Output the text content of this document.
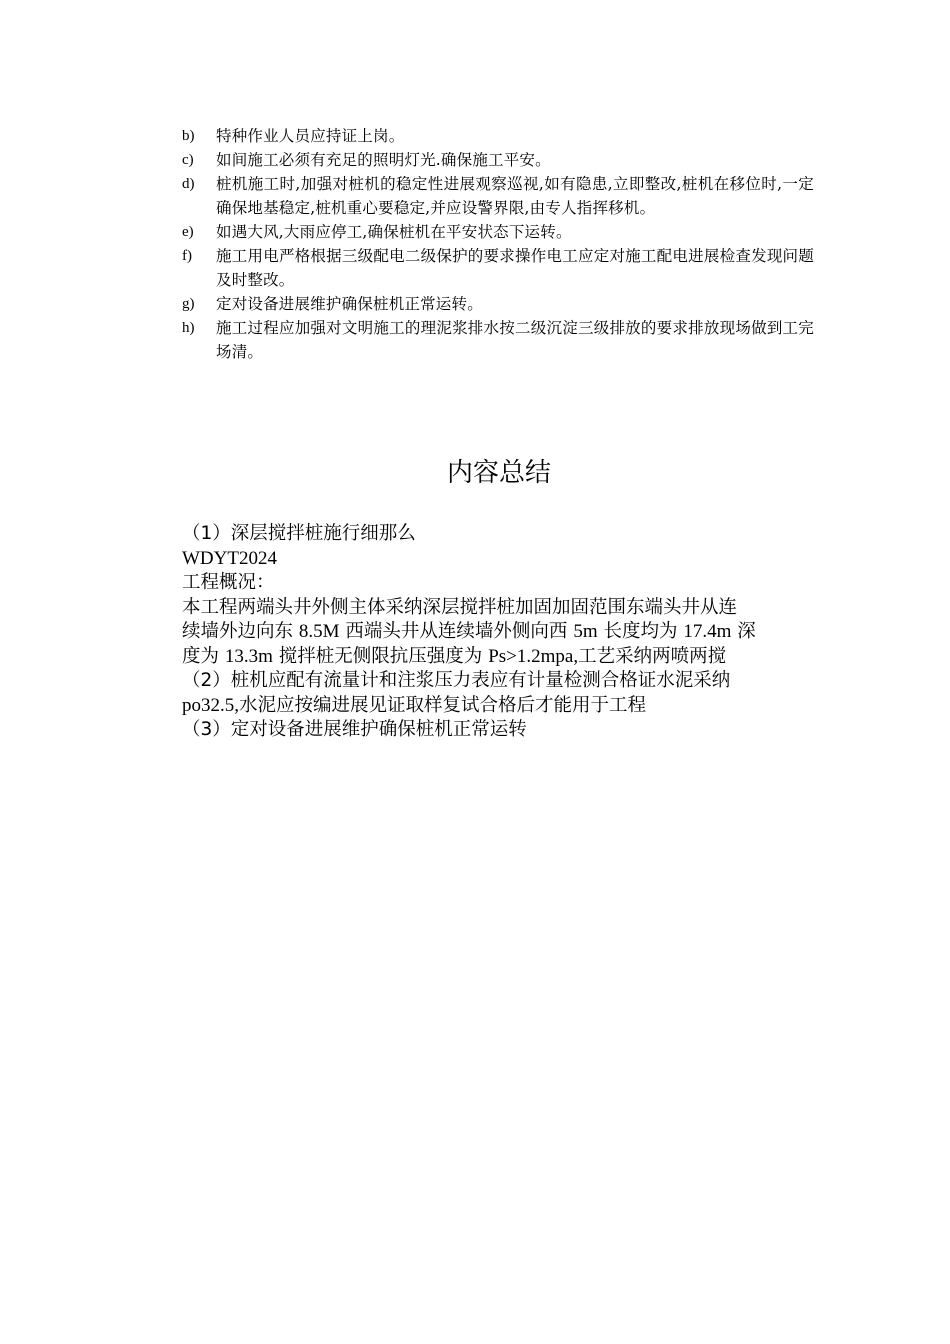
b)	特种作业人员应持证上岗。
c)	如间施工必须有充足的照明灯光.确保施工平安。
d)	桩机施工时,加强对桩机的稳定性进展观察巡视,如有隐患,立即整改,桩机在移位时,一定确保地基稳定,桩机重心要稳定,并应设警界限,由专人指挥移机。
e)	如遇大风,大雨应停工,确保桩机在平安状态下运转。
f)	施工用电严格根据三级配电二级保护的要求操作电工应定对施工配电进展检查发现问题及时整改。
g)	定对设备进展维护确保桩机正常运转。
h)	施工过程应加强对文明施工的理泥浆排水按二级沉淀三级排放的要求排放现场做到工完场清。
内容总结
（1）深层搅拌桩施行细那么
WDYT2024
工程概况：
本工程两端头井外侧主体采纳深层搅拌桩加固加固范围东端头井从连
续墙外边向东 8.5M 西端头井从连续墙外侧向西 5m 长度均为 17.4m 深
度为 13.3m 搅拌桩无侧限抗压强度为 Ps>1.2mpa,工艺采纳两喷两搅
（2）桩机应配有流量计和注浆压力表应有计量检测合格证水泥采纳
po32.5,水泥应按编进展见证取样复试合格后才能用于工程
（3）定对设备进展维护确保桩机正常运转
